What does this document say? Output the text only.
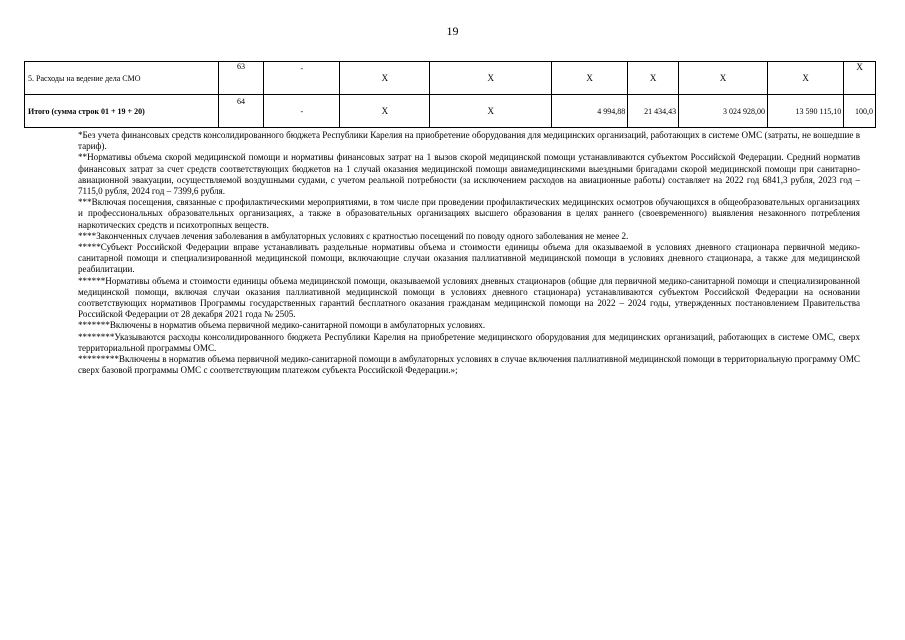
19
5. Расходы на ведение дела СМО	63	-	X	X	X	X	X	X	X
Итого (сумма строк 01 + 19 + 20)	64	-	X	X	4 994,88	21 434,43	3 024 928,00	13 590 115,10	100,0

*Без учета финансовых средств консолидированного бюджета Республики Карелия на приобретение оборудования для медицинских организаций, работающих в системе ОМС (затраты, не вошедшие в тариф).

**Нормативы объема скорой медицинской помощи и нормативы финансовых затрат на 1 вызов скорой медицинской помощи устанавливаются субъектом Российской Федерации. Средний норматив финансовых затрат за счет средств соответствующих бюджетов на 1 случай оказания медицинской помощи авиамедицинскими выездными бригадами скорой медицинской помощи при санитарно-авиационной эвакуации, осуществляемой воздушными судами, с учетом реальной потребности (за исключением расходов на авиационные работы) составляет на 2022 год 6841,3 рубля, 2023 год – 7115,0 рубля, 2024 год – 7399,6 рубля.

***Включая посещения, связанные с профилактическими мероприятиями, в том числе при проведении профилактических медицинских осмотров обучающихся в общеобразовательных организациях и профессиональных образовательных организациях, а также в образовательных организациях высшего образования в целях раннего (своевременного) выявления незаконного потребления наркотических средств и психотропных веществ.

****Законченных случаев лечения заболевания в амбулаторных условиях с кратностью посещений по поводу одного заболевания не менее 2.

*****Субъект Российской Федерации вправе устанавливать раздельные нормативы объема и стоимости единицы объема для оказываемой в условиях дневного стационара первичной медико-санитарной помощи и специализированной медицинской помощи, включающие случаи оказания паллиативной медицинской помощи в условиях дневного стационара, а также для медицинской реабилитации.

******Нормативы объема и стоимости единицы объема медицинской помощи, оказываемой условиях дневных стационаров (общие для первичной медико-санитарной помощи и специализированной медицинской помощи, включая случаи оказания паллиативной медицинской помощи в условиях дневного стационара) устанавливаются субъектом Российской Федерации на основании соответствующих нормативов Программы государственных гарантий бесплатного оказания гражданам медицинской помощи на 2022 – 2024 годы, утвержденных постановлением Правительства Российской Федерации от 28 декабря 2021 года № 2505.

*******Включены в норматив объема первичной медико-санитарной помощи в амбулаторных условиях.

********Указываются расходы консолидированного бюджета Республики Карелия на приобретение медицинского оборудования для медицинских организаций, работающих в системе ОМС, сверх территориальной программы ОМС.

*********Включены в норматив объема первичной медико-санитарной помощи в амбулаторных условиях в случае включения паллиативной медицинской помощи в территориальную программу ОМС сверх базовой программы ОМС с соответствующим платежом субъекта Российской Федерации.»;
